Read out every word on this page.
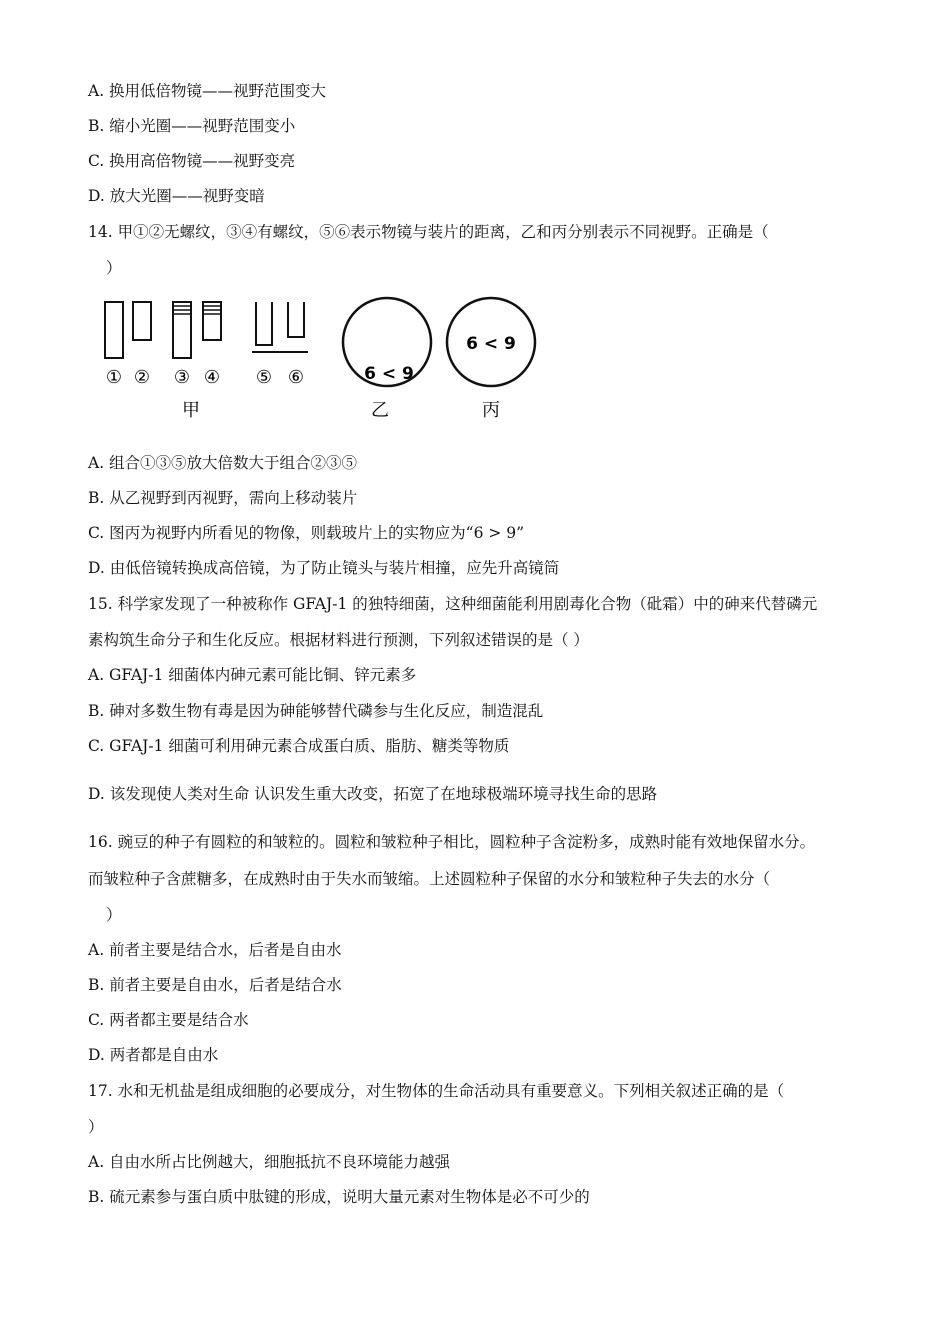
A. 换用低倍物镜——视野范围变大
B. 缩小光圈——视野范围变小
C. 换用高倍物镜——视野变亮
D. 放大光圈——视野变暗
14. 甲①②无螺纹，③④有螺纹，⑤⑥表示物镜与装片的距离，乙和丙分别表示不同视野。正确是（
）
① ② ③ ④ ⑤ ⑥	6 < 9
6 < 9
甲	乙	丙
A. 组合①③⑤放大倍数大于组合②③⑤
B. 从乙视野到丙视野，需向上移动装片
C. 图丙为视野内所看见的物像，则载玻片上的实物应为“6 > 9”
D. 由低倍镜转换成高倍镜，为了防止镜头与装片相撞，应先升高镜筒
15. 科学家发现了一种被称作 GFAJ-1 的独特细菌，这种细菌能利用剧毒化合物（砒霜）中的砷来代替磷元
素构筑生命分子和生化反应。根据材料进行预测，下列叙述错误的是（ ）
A. GFAJ-1 细菌体内砷元素可能比铜、锌元素多
B. 砷对多数生物有毒是因为砷能够替代磷参与生化反应，制造混乱
C. GFAJ-1 细菌可利用砷元素合成蛋白质、脂肪、糖类等物质
D. 该发现使人类对生命 认识发生重大改变，拓宽了在地球极端环境寻找生命的思路
16. 豌豆的种子有圆粒的和皱粒的。圆粒和皱粒种子相比，圆粒种子含淀粉多，成熟时能有效地保留水分。
而皱粒种子含蔗糖多，在成熟时由于失水而皱缩。上述圆粒种子保留的水分和皱粒种子失去的水分（
）
A. 前者主要是结合水，后者是自由水
B. 前者主要是自由水，后者是结合水
C. 两者都主要是结合水
D. 两者都是自由水
17. 水和无机盐是组成细胞的必要成分，对生物体的生命活动具有重要意义。下列相关叙述正确的是（
）
A. 自由水所占比例越大，细胞抵抗不良环境能力越强
B. 硫元素参与蛋白质中肽键的形成，说明大量元素对生物体是必不可少的
